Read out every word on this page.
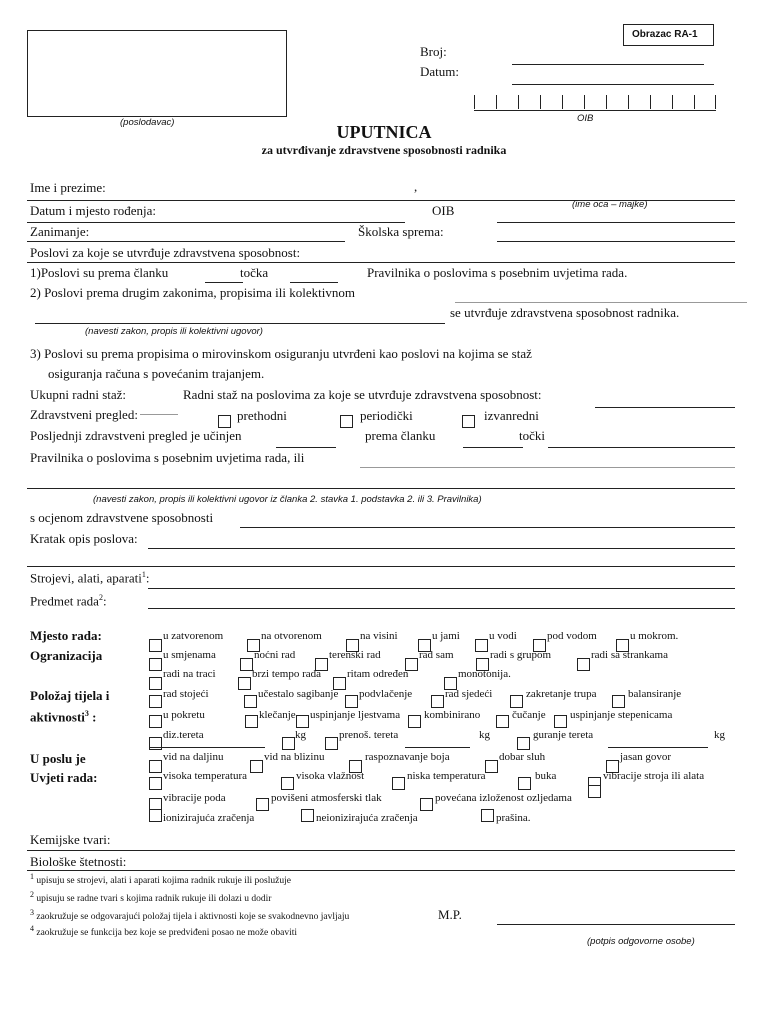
(poslodavac)
Obrazac RA-1
Broj:
Datum:
OIB
UPUTNICA
za utvrđivanje zdravstvene sposobnosti radnika
Ime i prezime:	,
(ime oca – majke)
Datum i mjesto rođenja:	OIB
Zanimanje:	Školska sprema:
Poslovi za koje se utvrđuje zdravstvena sposobnost:
1)Poslovi su prema članku	točka	Pravilnika o poslovima s posebnim uvjetima rada.
2) Poslovi prema drugim zakonima, propisima ili kolektivnom
se utvrđuje zdravstvena sposobnost radnika.
(navesti zakon, propis ili kolektivni ugovor)
3) Poslovi su prema propisima o mirovinskom osiguranju utvrđeni kao poslovi na kojima se staž
osiguranja računa s povećanim trajanjem.
Ukupni radni staž:	Radni staž na poslovima za koje se utvrđuje zdravstvena sposobnost:
Zdravstveni pregled:	prethodni	periodički	izvanredni
Posljednji zdravstveni pregled je učinjen	prema članku	točki
Pravilnika o poslovima s posebnim uvjetima rada, ili
(navesti zakon, propis ili kolektivni ugovor iz članka 2. stavka 1. podstavka 2. ili 3. Pravilnika)
s ocjenom zdravstvene sposobnosti
Kratak opis poslova:
Strojevi, alati, aparati$^1$:
Predmet rada$^2$:
Mjesto rada:	u zatvorenom	na otvorenom	na visini	u jami	u vodi	pod vodom	u mokrom.
Ogranizacija	u smjenama	noćni rad	terenski rad	rad sam	radi s grupom	radi sa strankama
radi na traci	brzi tempo rada ritam određen	monotonija.
Položaj tijela i
aktivnosti$^3$ :
rad stojeći	učestalo sagibanje podvlačenje	rad sjedeći	zakretanje trupa	balansiranje
u pokretu	klečanje uspinjanje ljestvama kombinirano	čučanje uspinjanje stepenicama
diz.tereta	kg	prenoš. tereta	kg	guranje tereta	kg
U poslu je	vid na daljinu	vid na blizinu	raspoznavanje boja	dobar sluh	jasan govor
Uvjeti rada:	visoka temperatura	visoka vlažnost	niska temperatura	buka	vibracije stroja ili alata
vibracije poda	povišeni atmosferski tlak	povećana izloženost ozljedama
ionizirajuća zračenja	neionizirajuća zračenja	prašina.
Kemijske tvari:
Biološke štetnosti:
$^1$ upisuju se strojevi, alati i aparati kojima radnik rukuje ili poslužuje
$^2$ upisuju se radne tvari s kojima radnik rukuje ili dolazi u dodir
$^3$ zaokružuje se odgovarajući položaj tijela i aktivnosti koje se svakodnevno javljaju
$^4$ zaokružuje se funkcija bez koje se predviđeni posao ne može obaviti
M.P.
(potpis odgovorne osobe)
